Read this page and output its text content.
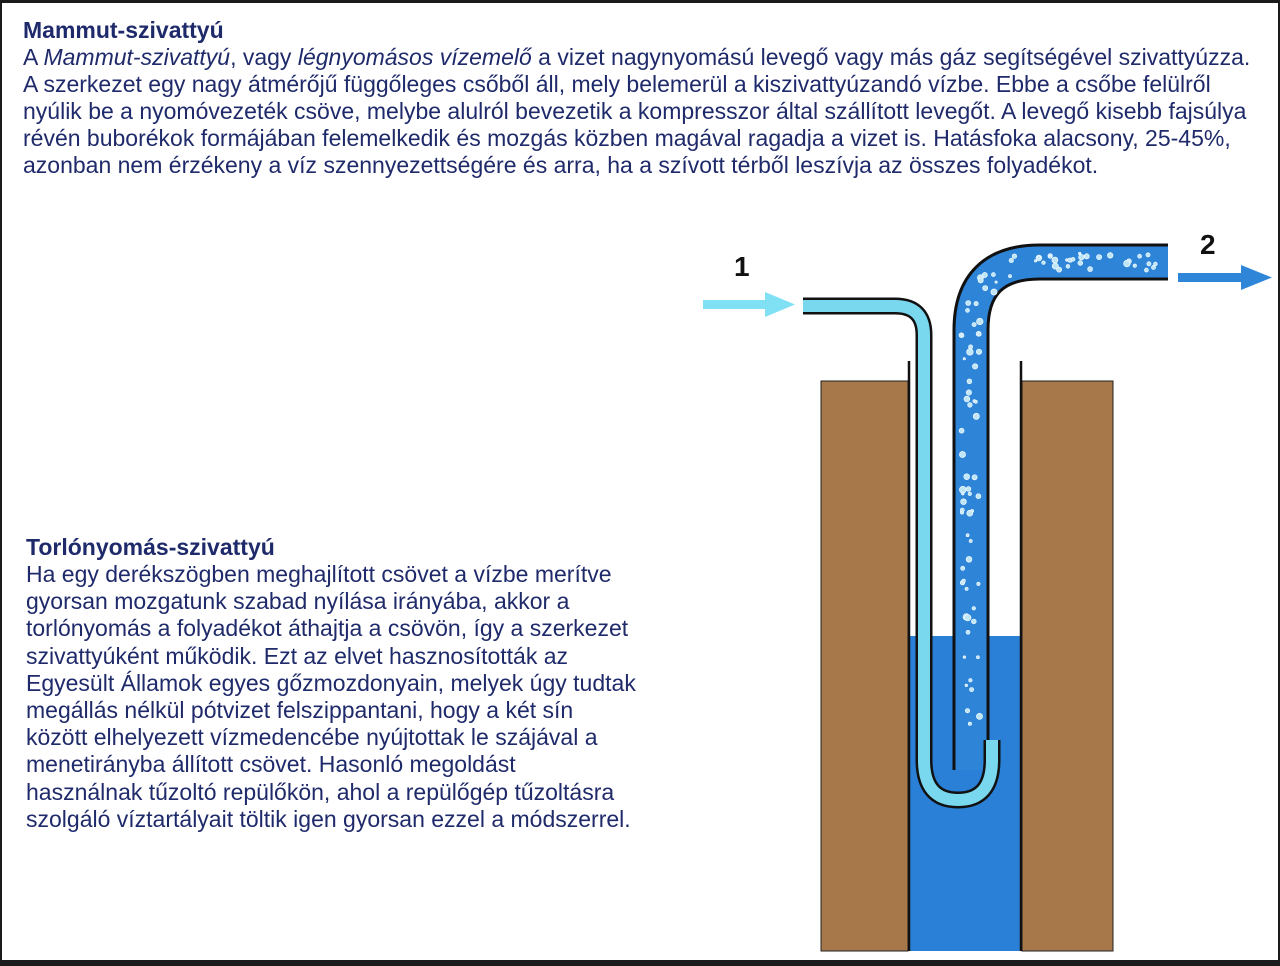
Mammut-szivattyú

A Mammut-szivattyú, vagy légnyomásos vízemelő a vizet nagynyomású levegő vagy más gáz segítségével szivattyúzza. A szerkezet egy nagy átmérőjű függőleges csőből áll, mely belemerül a kiszivattyúzandó vízbe. Ebbe a csőbe felülről nyúlik be a nyomóvezeték csöve, melybe alulról bevezetik a kompresszor által szállított levegőt. A levegő kisebb fajsúlya révén buborékok formájában felemelkedik és mozgás közben magával ragadja a vizet is. Hatásfoka alacsony, 25-45%, azonban nem érzékeny a víz szennyezettségére és arra, ha a szívott térből leszívja az összes folyadékot.

Torlónyomás-szivattyú

Ha egy derékszögben meghajlított csövet a vízbe merítve gyorsan mozgatunk szabad nyílása irányába, akkor a torlónyomás a folyadékot áthajtja a csövön, így a szerkezet szivattyúként működik. Ezt az elvet hasznosították az Egyesült Államok egyes gőzmozdonyain, melyek úgy tudtak megállás nélkül pótvizet felszippantani, hogy a két sín között elhelyezett vízmedencébe nyújtottak le szájával a menetirányba állított csövet. Hasonló megoldást használnak tűzoltó repülőkön, ahol a repülőgép tűzoltásra szolgáló víztartályait töltik igen gyorsan ezzel a módszerrel.

1
2
